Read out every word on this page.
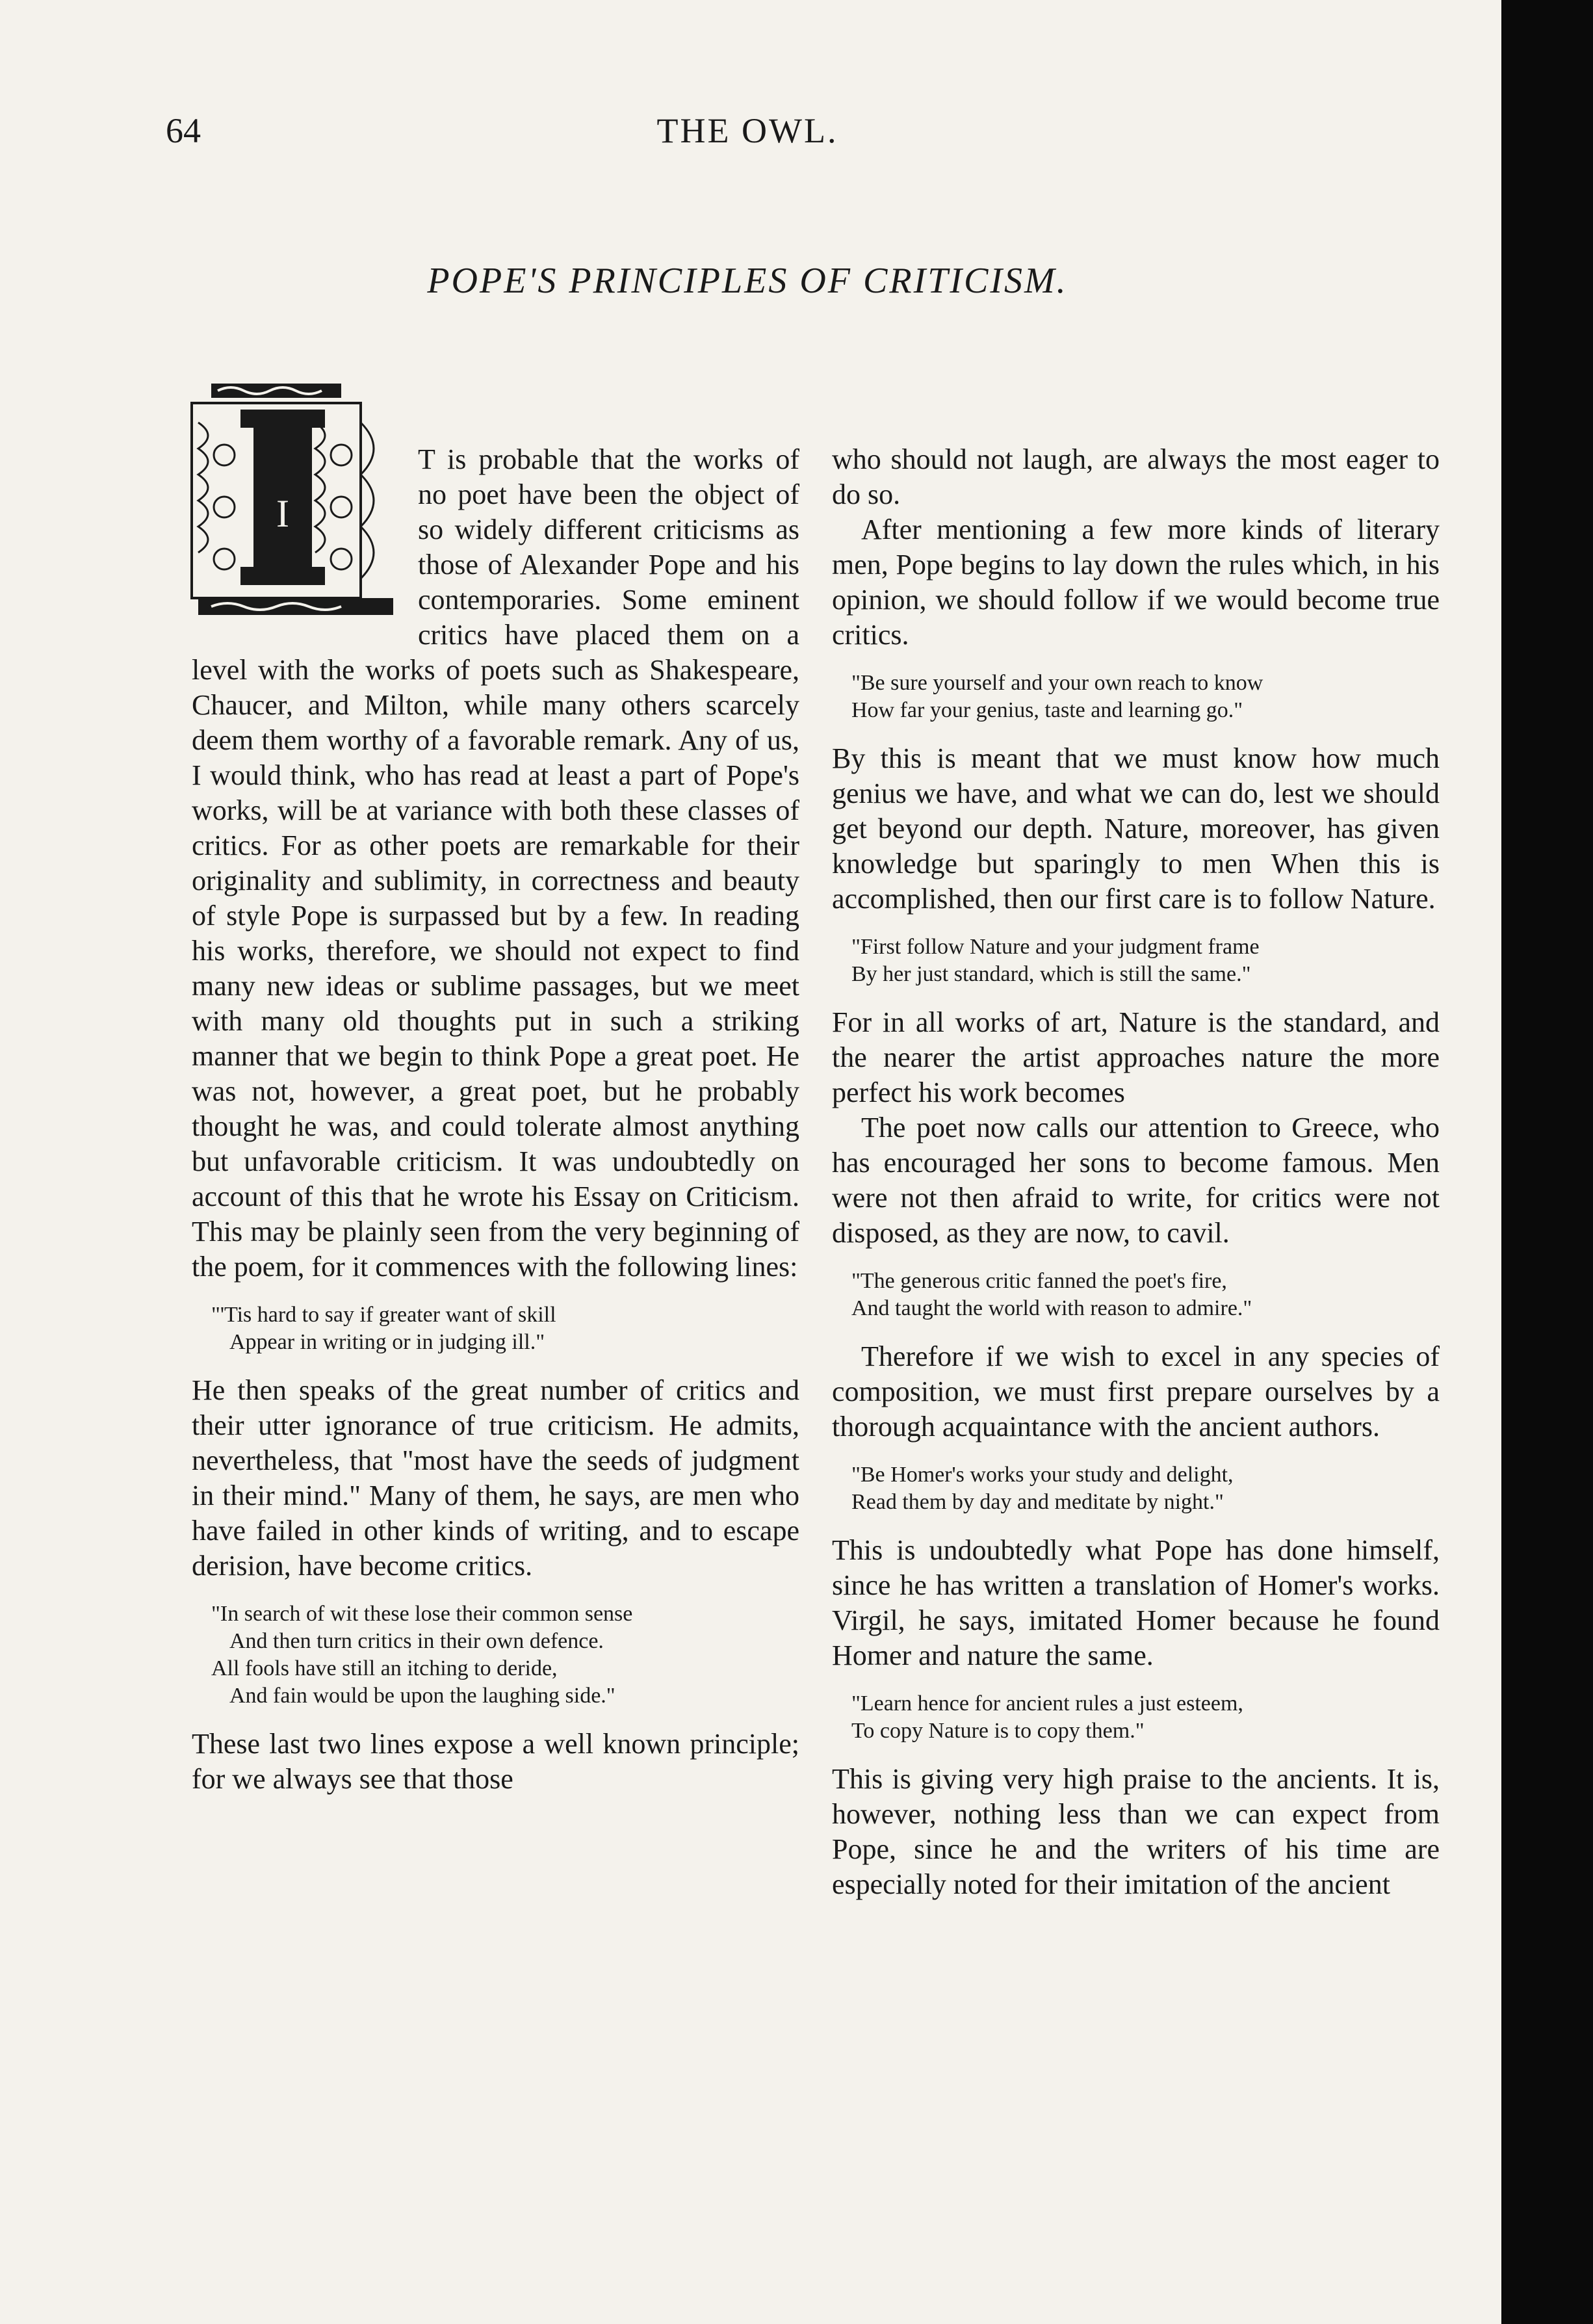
64	THE OWL.
POPE'S PRINCIPLES OF CRITICISM.
I

T is probable that the works of no poet have been the object of so widely different criticisms as those of Alexander Pope and his contemporaries. Some eminent critics have placed them on a level with the works of poets such as Shakespeare, Chaucer, and Milton, while many others scarcely deem them worthy of a favorable remark. Any of us, I would think, who has read at least a part of Pope's works, will be at variance with both these classes of critics. For as other poets are remarkable for their originality and sublimity, in correctness and beauty of style Pope is surpassed but by a few. In reading his works, therefore, we should not expect to find many new ideas or sublime passages, but we meet with many old thoughts put in such a striking manner that we begin to think Pope a great poet. He was not, however, a great poet, but he probably thought he was, and could tolerate almost anything but unfavorable criticism. It was undoubtedly on account of this that he wrote his Essay on Criticism. This may be plainly seen from the very beginning of the poem, for it commences with the following lines:

"'Tis hard to say if greater want of skill
Appear in writing or in judging ill."

He then speaks of the great number of critics and their utter ignorance of true criticism. He admits, nevertheless, that "most have the seeds of judgment in their mind." Many of them, he says, are men who have failed in other kinds of writing, and to escape derision, have become critics.

"In search of wit these lose their common sense
And then turn critics in their own defence.
All fools have still an itching to deride,
And fain would be upon the laughing side."

These last two lines expose a well known principle; for we always see that those

who should not laugh, are always the most eager to do so.

After mentioning a few more kinds of literary men, Pope begins to lay down the rules which, in his opinion, we should follow if we would become true critics.

"Be sure yourself and your own reach to know
How far your genius, taste and learning go."

By this is meant that we must know how much genius we have, and what we can do, lest we should get beyond our depth. Nature, moreover, has given knowledge but sparingly to men When this is accomplished, then our first care is to follow Nature.

"First follow Nature and your judgment frame
By her just standard, which is still the same."

For in all works of art, Nature is the standard, and the nearer the artist approaches nature the more perfect his work becomes

The poet now calls our attention to Greece, who has encouraged her sons to become famous. Men were not then afraid to write, for critics were not disposed, as they are now, to cavil.

"The generous critic fanned the poet's fire,
And taught the world with reason to admire."

Therefore if we wish to excel in any species of composition, we must first prepare ourselves by a thorough acquaintance with the ancient authors.

"Be Homer's works your study and delight,
Read them by day and meditate by night."

This is undoubtedly what Pope has done himself, since he has written a translation of Homer's works. Virgil, he says, imitated Homer because he found Homer and nature the same.

"Learn hence for ancient rules a just esteem,
To copy Nature is to copy them."

This is giving very high praise to the ancients. It is, however, nothing less than we can expect from Pope, since he and the writers of his time are especially noted for their imitation of the ancient
